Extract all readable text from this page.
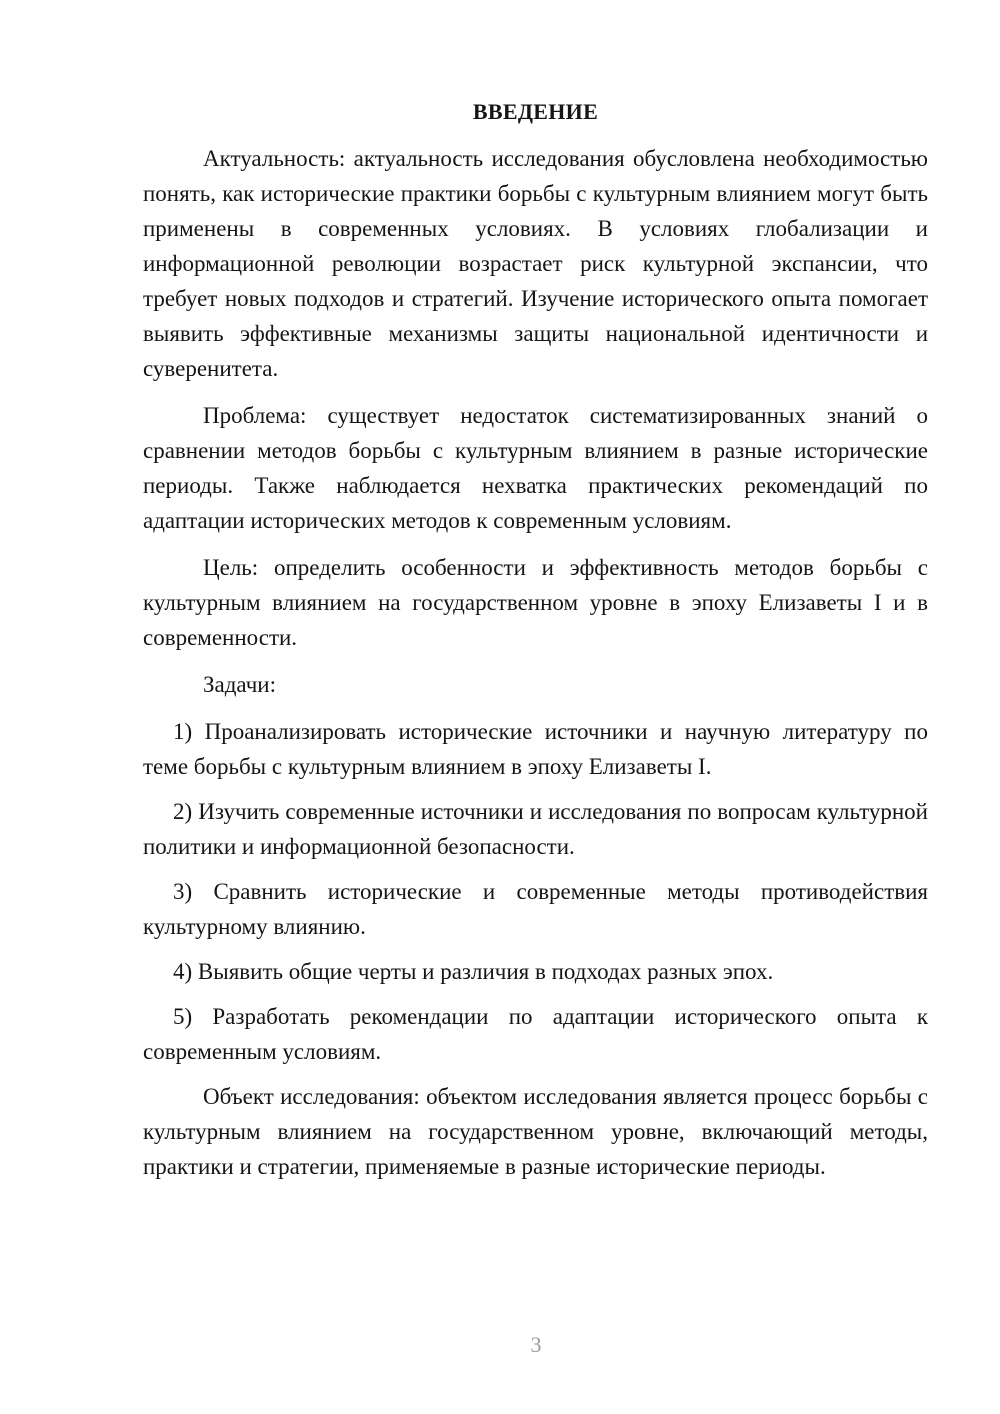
ВВЕДЕНИЕ

Актуальность: актуальность исследования обусловлена необходимостью понять, как исторические практики борьбы с культурным влиянием могут быть применены в современных условиях. В условиях глобализации и информационной революции возрастает риск культурной экспансии, что требует новых подходов и стратегий. Изучение исторического опыта помогает выявить эффективные механизмы защиты национальной идентичности и суверенитета.

Проблема: существует недостаток систематизированных знаний о сравнении методов борьбы с культурным влиянием в разные исторические периоды. Также наблюдается нехватка практических рекомендаций по адаптации исторических методов к современным условиям.

Цель: определить особенности и эффективность методов борьбы с культурным влиянием на государственном уровне в эпоху Елизаветы I и в современности.

Задачи:

1) Проанализировать исторические источники и научную литературу по теме борьбы с культурным влиянием в эпоху Елизаветы I.

2) Изучить современные источники и исследования по вопросам культурной политики и информационной безопасности.

3) Сравнить исторические и современные методы противодействия культурному влиянию.

4) Выявить общие черты и различия в подходах разных эпох.

5) Разработать рекомендации по адаптации исторического опыта к современным условиям.

Объект исследования: объектом исследования является процесс борьбы с культурным влиянием на государственном уровне, включающий методы, практики и стратегии, применяемые в разные исторические периоды.

3
